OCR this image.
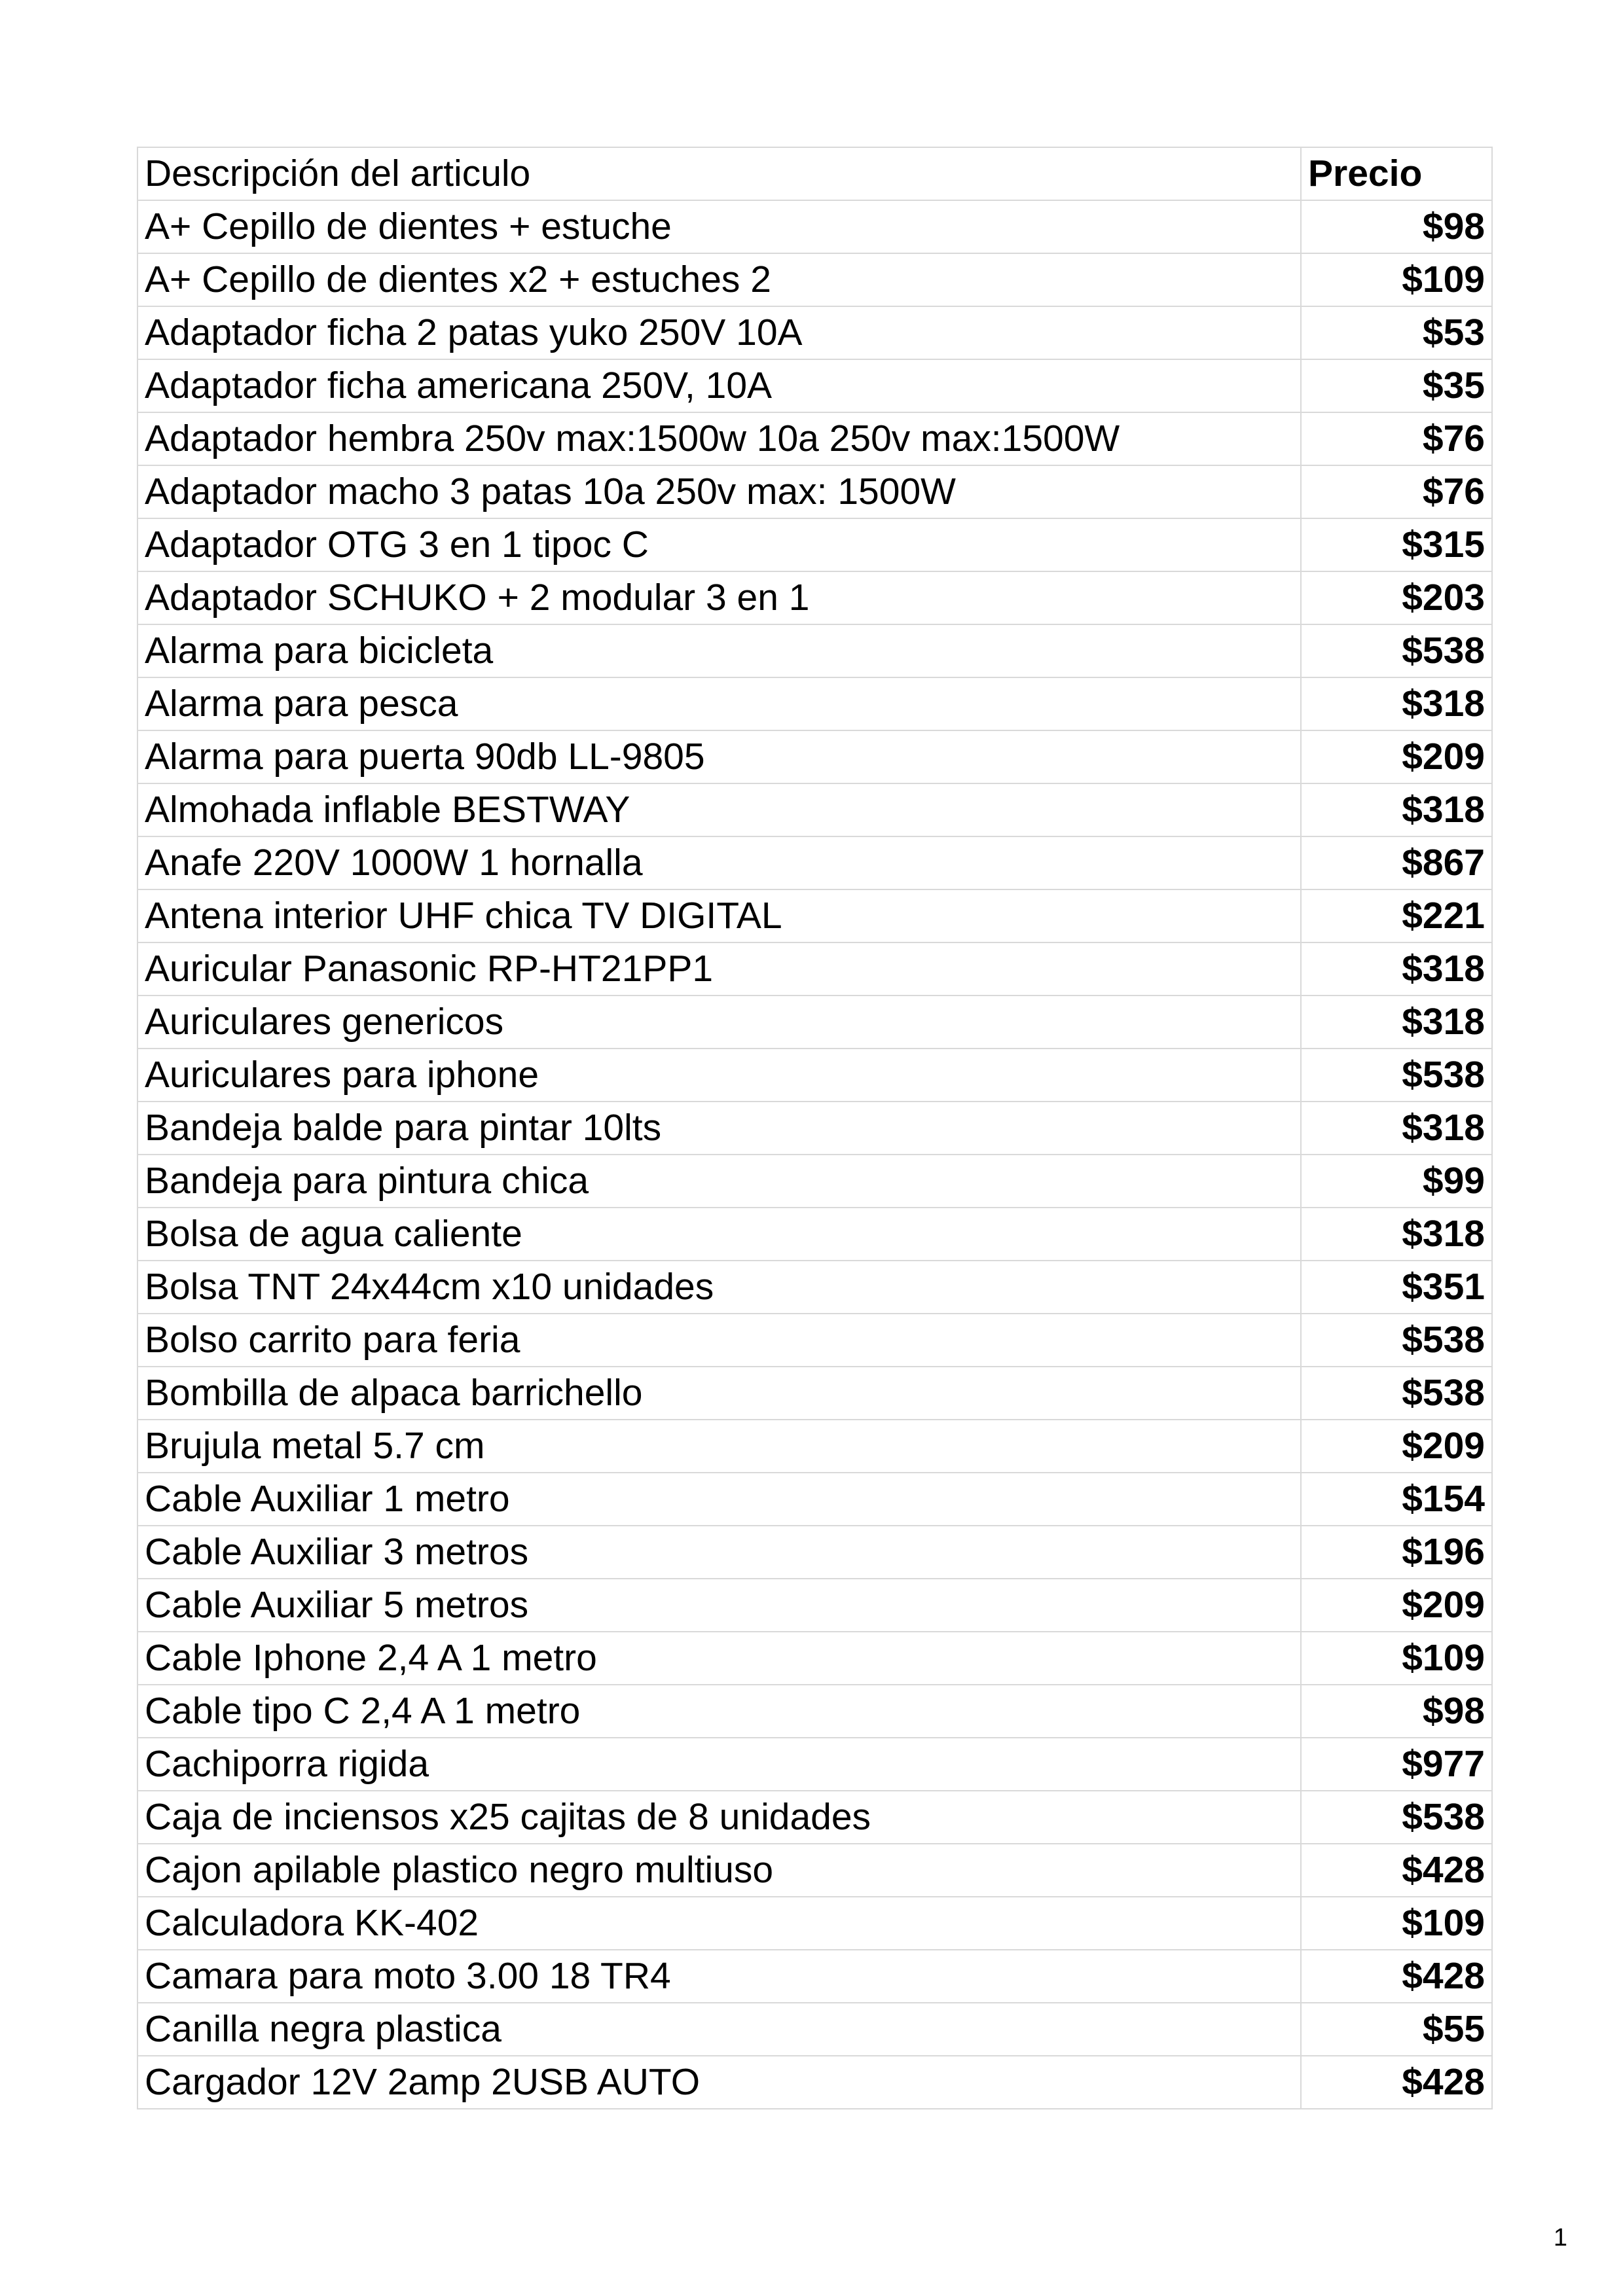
Descripción del articulo	Precio
A+ Cepillo de dientes + estuche	$98
A+ Cepillo de dientes x2 + estuches 2	$109
Adaptador ficha 2 patas yuko 250V 10A	$53
Adaptador ficha americana 250V, 10A	$35
Adaptador hembra 250v max:1500w 10a 250v max:1500W	$76
Adaptador macho 3 patas 10a 250v max: 1500W	$76
Adaptador OTG 3 en 1 tipoc C	$315
Adaptador SCHUKO + 2 modular 3 en 1	$203
Alarma para bicicleta	$538
Alarma para pesca	$318
Alarma para puerta 90db LL-9805	$209
Almohada inflable BESTWAY	$318
Anafe 220V 1000W 1 hornalla	$867
Antena interior UHF chica TV DIGITAL	$221
Auricular Panasonic RP-HT21PP1	$318
Auriculares genericos	$318
Auriculares para iphone	$538
Bandeja balde para pintar 10lts	$318
Bandeja para pintura chica	$99
Bolsa de agua caliente	$318
Bolsa TNT 24x44cm x10 unidades	$351
Bolso carrito para feria	$538
Bombilla de alpaca barrichello	$538
Brujula metal 5.7 cm	$209
Cable Auxiliar 1 metro	$154
Cable Auxiliar 3 metros	$196
Cable Auxiliar 5 metros	$209
Cable Iphone 2,4 A 1 metro	$109
Cable tipo C 2,4 A 1 metro	$98
Cachiporra rigida	$977
Caja de inciensos x25 cajitas de 8 unidades	$538
Cajon apilable plastico negro multiuso	$428
Calculadora KK-402	$109
Camara para moto 3.00 18 TR4	$428
Canilla negra plastica	$55
Cargador 12V 2amp 2USB AUTO	$428
1
